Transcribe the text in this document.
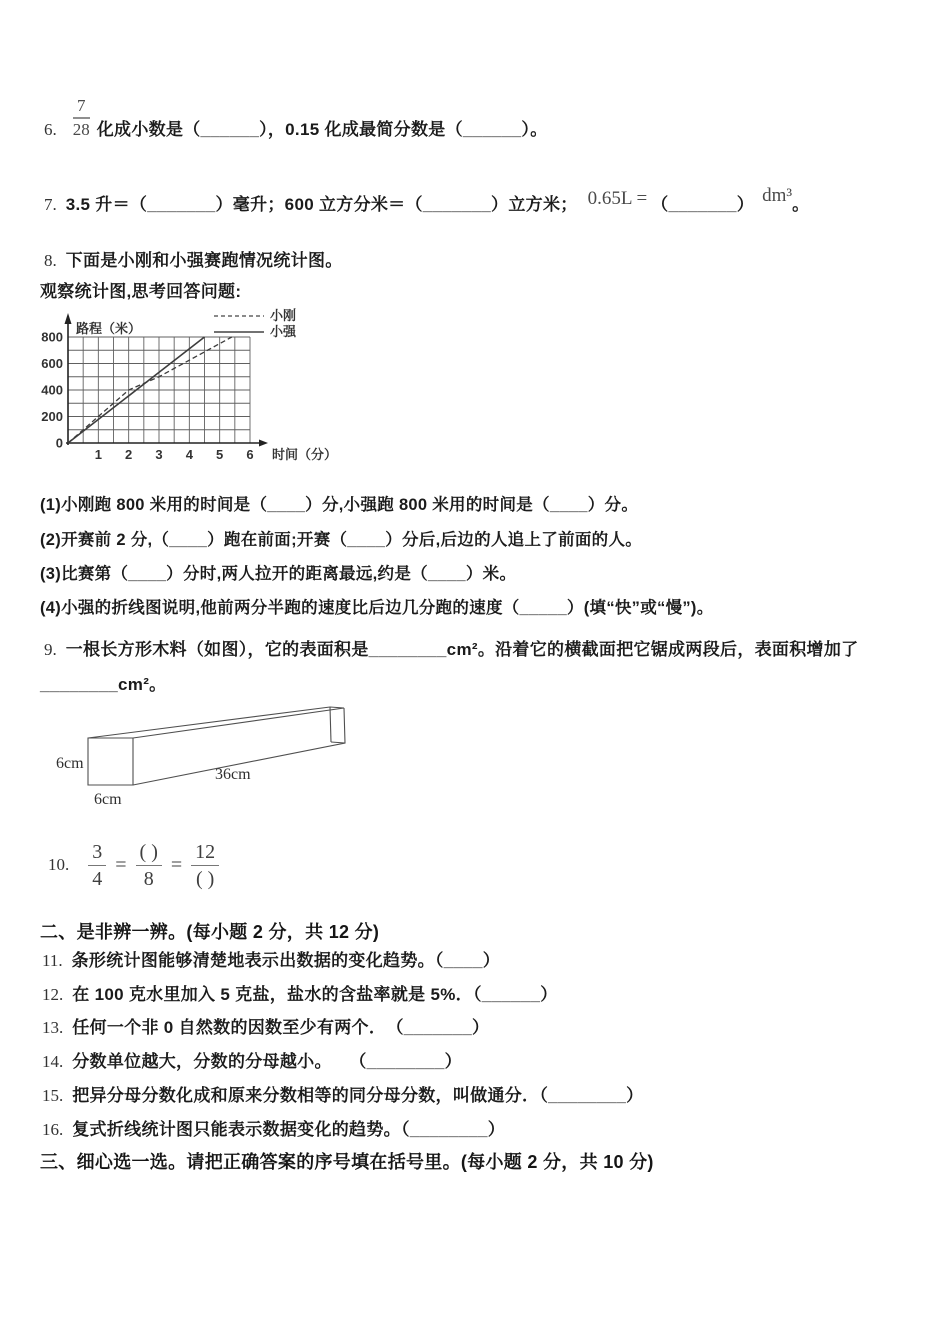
6. $\frac{7}{28}$ 化成小数是（______），0.15 化成最简分数是（______）。
7. 3.5 升＝（_______）毫升；600 立方分米＝（_______）立方米； 0.65L = （_______） dm³ 。
8. 下面是小刚和小强赛跑情况统计图。
观察统计图,思考回答问题:
0
200
400
600
800
1 2 3 4 5 6
路程（米）
时间（分）
小刚
小强
(1)小刚跑 800 米用的时间是（____）分,小强跑 800 米用的时间是（____）分。
(2)开赛前 2 分,（____）跑在前面;开赛（____）分后,后边的人追上了前面的人。
(3)比赛第（____）分时,两人拉开的距离最远,约是（____）米。
(4)小强的折线图说明,他前两分半跑的速度比后边几分跑的速度（_____）(填“快”或“慢”)。
9. 一根长方形木料（如图），它的表面积是________cm²。沿着它的横截面把它锯成两段后，表面积增加了
________cm²。
6cm
6cm
36cm
10. $\frac{3}{4} = \frac{( )}{8} = \frac{12}{( )}$
二、是非辨一辨。(每小题 2 分，共 12 分)
11. 条形统计图能够清楚地表示出数据的变化趋势。（____）
12. 在 100 克水里加入 5 克盐，盐水的含盐率就是 5%．（______）
13. 任何一个非 0 自然数的因数至少有两个．　（_______）
14. 分数单位越大，分数的分母越小。　　（________）
15. 把异分母分数化成和原来分数相等的同分母分数，叫做通分．（________）
16. 复式折线统计图只能表示数据变化的趋势。（________）
三、细心选一选。请把正确答案的序号填在括号里。(每小题 2 分，共 10 分)
